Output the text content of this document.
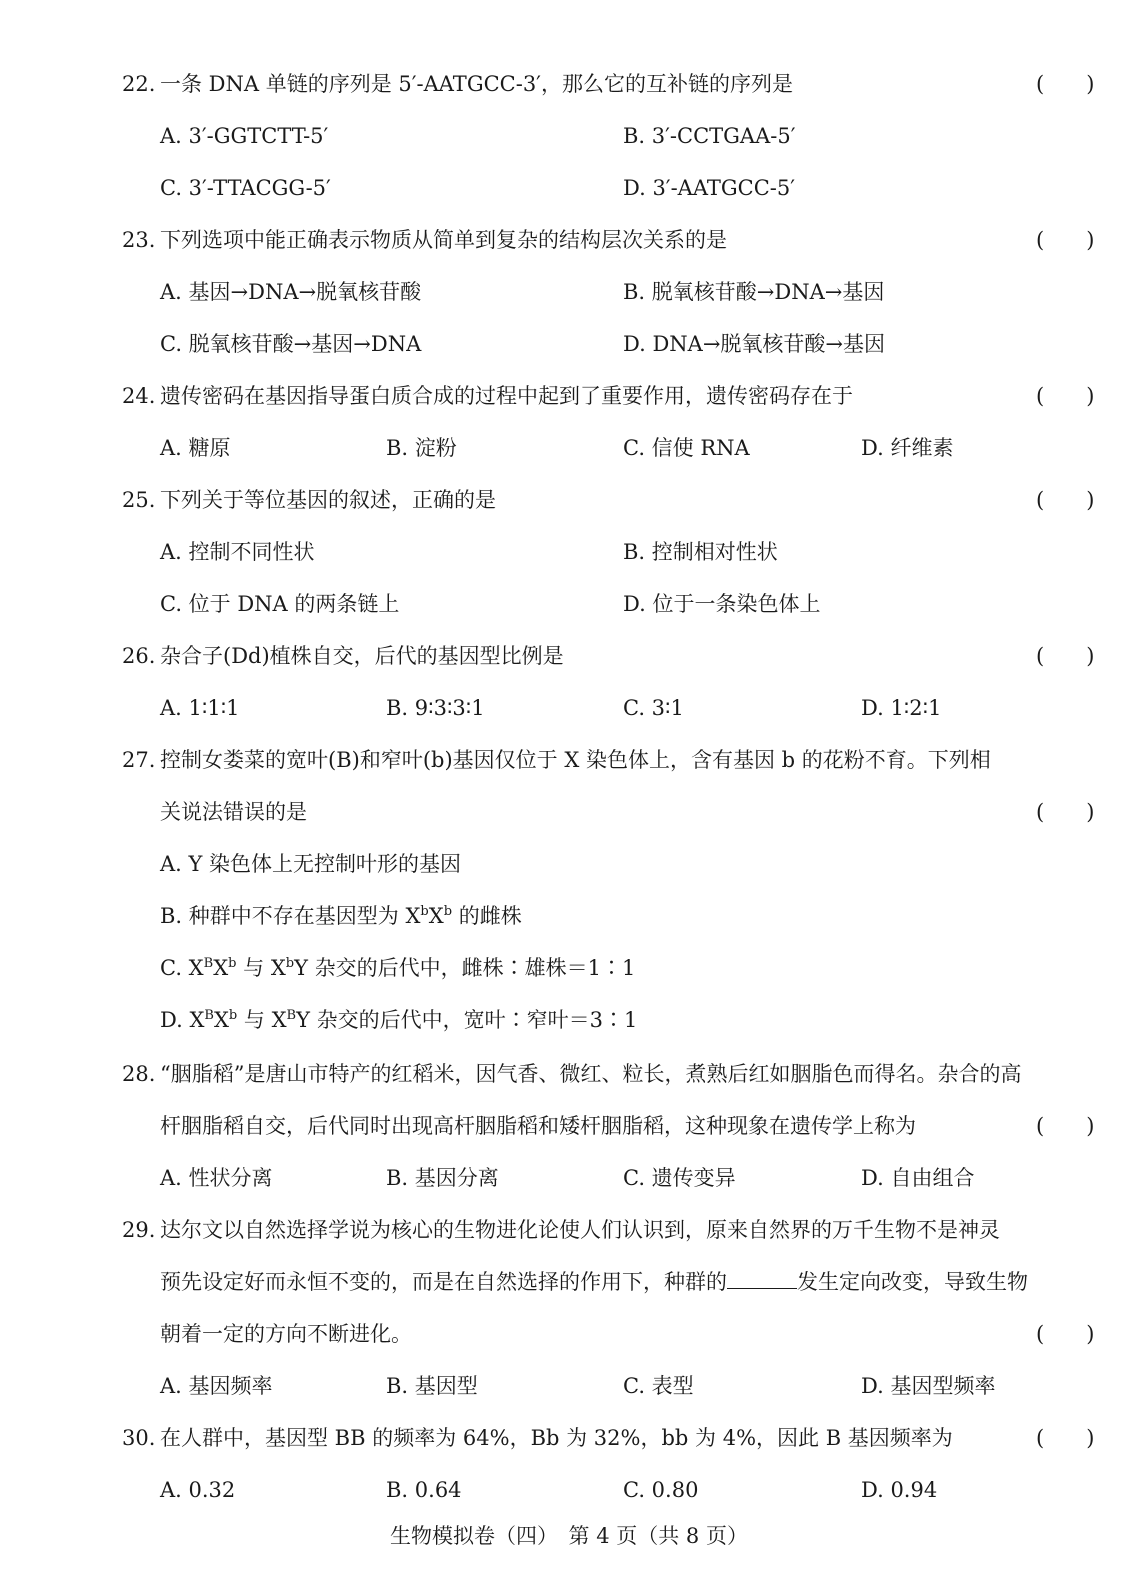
22. 一条 DNA 单链的序列是 5′-AATGCC-3′，那么它的互补链的序列是	(　　)
A. 3′-GGTCTT-5′	B. 3′-CCTGAA-5′
C. 3′-TTACGG-5′	D. 3′-AATGCC-5′
23. 下列选项中能正确表示物质从简单到复杂的结构层次关系的是	(　　)
A. 基因→DNA→脱氧核苷酸	B. 脱氧核苷酸→DNA→基因
C. 脱氧核苷酸→基因→DNA	D. DNA→脱氧核苷酸→基因
24. 遗传密码在基因指导蛋白质合成的过程中起到了重要作用，遗传密码存在于	(　　)
A. 糖原	B. 淀粉	C. 信使 RNA	D. 纤维素
25. 下列关于等位基因的叙述，正确的是	(　　)
A. 控制不同性状	B. 控制相对性状
C. 位于 DNA 的两条链上	D. 位于一条染色体上
26. 杂合子(Dd)植株自交，后代的基因型比例是	(　　)
A. 1∶1∶1	B. 9∶3∶3∶1	C. 3∶1	D. 1∶2∶1
27. 控制女娄菜的宽叶(B)和窄叶(b)基因仅位于 X 染色体上，含有基因 b 的花粉不育。下列相
关说法错误的是	(　　)
A. Y 染色体上无控制叶形的基因
B. 种群中不存在基因型为 $X^bX^b$ 的雌株
C. $X^BX^b$ 与 $X^bY$ 杂交的后代中，雌株∶雄株＝1∶1
D. $X^BX^b$ 与 $X^BY$ 杂交的后代中，宽叶∶窄叶＝3∶1
28. “胭脂稻”是唐山市特产的红稻米，因气香、微红、粒长，煮熟后红如胭脂色而得名。杂合的高
杆胭脂稻自交，后代同时出现高杆胭脂稻和矮杆胭脂稻，这种现象在遗传学上称为	(　　)
A. 性状分离	B. 基因分离	C. 遗传变异	D. 自由组合
29. 达尔文以自然选择学说为核心的生物进化论使人们认识到，原来自然界的万千生物不是神灵
预先设定好而永恒不变的，而是在自然选择的作用下，种群的	发生定向改变，导致生物
朝着一定的方向不断进化。	(　　)
A. 基因频率	B. 基因型	C. 表型	D. 基因型频率
30. 在人群中，基因型 BB 的频率为 64%，Bb 为 32%，bb 为 4%，因此 B 基因频率为	(　　)
A. 0.32	B. 0.64	C. 0.80	D. 0.94
生物模拟卷（四）　第 4 页（共 8 页）
